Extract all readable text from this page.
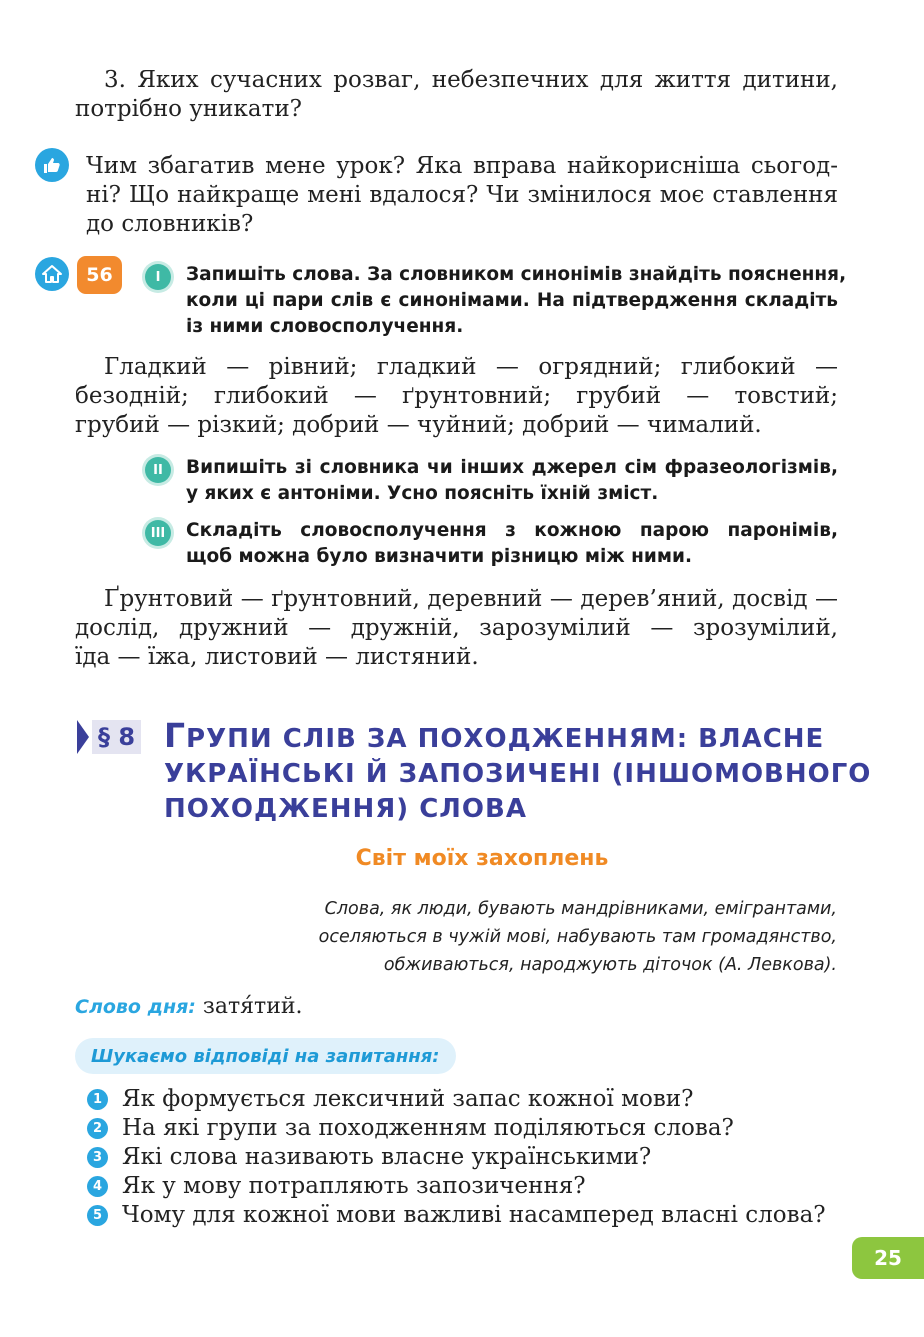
3. Яких сучасних розваг, небезпечних для життя дитини,
потрібно уникати?
Чим збагатив мене урок? Яка вправа найкорисніша сьогод-
ні? Що найкраще мені вдалося? Чи змінилося моє ставлення
до словників?
56	I	Запишіть слова. За словником синонімів знайдіть пояснення,
коли ці пари слів є синонімами. На підтвердження складіть
із ними словосполучення.
Гладкий — рівний; гладкий — огрядний; глибокий —
безодній; глибокий — ґрунтовний; грубий — товстий;
грубий — різкий; добрий — чуйний; добрий — чималий.
II	Випишіть зі словника чи інших джерел сім фразеологізмів,
у яких є антоніми. Усно поясніть їхній зміст.
III	Складіть словосполучення з кожною парою паронімів,
щоб можна було визначити різницю між ними.
Ґрунтовий — ґрунтовний, деревний — дерев’яний, досвід —
дослід, дружний — дружній, зарозумілий — зрозумілий,
їда — їжа, листовий — листяний.
§ 8 ГРУПИ СЛІВ ЗА ПОХОДЖЕННЯМ: ВЛАСНЕ
УКРАЇНСЬКІ Й ЗАПОЗИЧЕНІ (ІНШОМОВНОГО
ПОХОДЖЕННЯ) СЛОВА
Світ моїх захоплень
Слова, як люди, бувають мандрівниками, емігрантами,
оселяються в чужій мові, набувають там громадянство,
обживаються, народжують діточок (А. Левкова).
Слово дня: затя́тий.
Шукаємо відповіді на запитання:
1 Як формується лексичний запас кожної мови?
2 На які групи за походженням поділяються слова?
3 Які слова називають власне українськими?
4 Як у мову потрапляють запозичення?
5 Чому для кожної мови важливі насамперед власні слова?
25
